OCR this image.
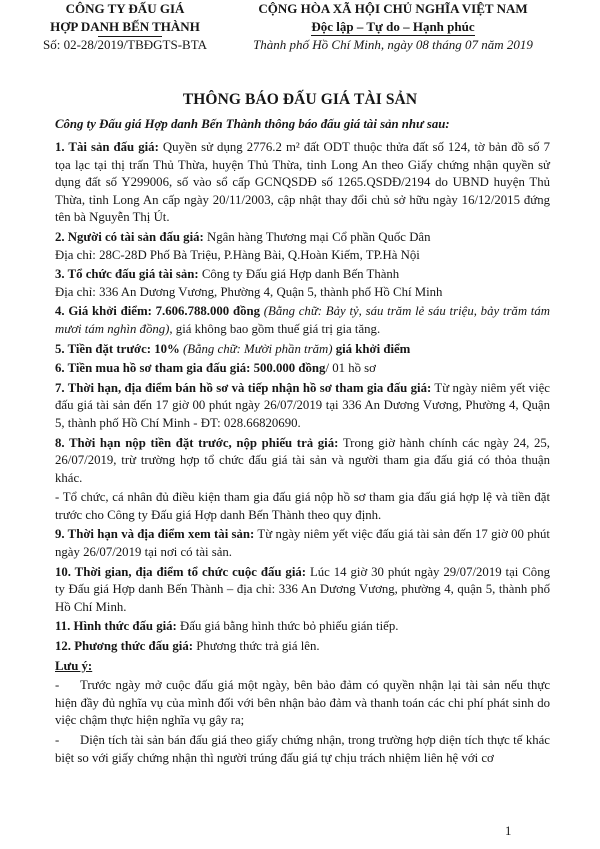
CÔNG TY ĐẤU GIÁ
HỢP DANH BẾN THÀNH
Số: 02-28/2019/TBĐGTS-BTA
CỘNG HÒA XÃ HỘI CHỦ NGHĨA VIỆT NAM
Độc lập – Tự do – Hạnh phúc
Thành phố Hồ Chí Minh, ngày 08 tháng 07 năm 2019
THÔNG BÁO ĐẤU GIÁ TÀI SẢN
Công ty Đấu giá Hợp danh Bến Thành thông báo đấu giá tài sản như sau:

1. Tài sản đấu giá: Quyền sử dụng 2776.2 m² đất ODT thuộc thửa đất số 124, tờ bản đồ số 7 tọa lạc tại thị trấn Thủ Thừa, huyện Thủ Thừa, tỉnh Long An theo Giấy chứng nhận quyền sử dụng đất số Y299006, số vào sổ cấp GCNQSDĐ số 1265.QSDĐ/2194 do UBND huyện Thủ Thừa, tỉnh Long An cấp ngày 20/11/2003, cập nhật thay đổi chủ sở hữu ngày 16/12/2015 đứng tên bà Nguyễn Thị Út.

2. Người có tài sản đấu giá: Ngân hàng Thương mại Cổ phần Quốc Dân
Địa chỉ: 28C-28D Phố Bà Triệu, P.Hàng Bài, Q.Hoàn Kiếm, TP.Hà Nội

3. Tổ chức đấu giá tài sản: Công ty Đấu giá Hợp danh Bến Thành
Địa chỉ: 336 An Dương Vương, Phường 4, Quận 5, thành phố Hồ Chí Minh

4. Giá khởi điểm: 7.606.788.000 đồng (Bằng chữ: Bảy tỷ, sáu trăm lẻ sáu triệu, bảy trăm tám mươi tám nghìn đồng), giá không bao gồm thuế giá trị gia tăng.

5. Tiền đặt trước: 10% (Bằng chữ: Mười phần trăm) giá khởi điểm

6. Tiền mua hồ sơ tham gia đấu giá: 500.000 đồng/ 01 hồ sơ

7. Thời hạn, địa điểm bán hồ sơ và tiếp nhận hồ sơ tham gia đấu giá: Từ ngày niêm yết việc đấu giá tài sản đến 17 giờ 00 phút ngày 26/07/2019 tại 336 An Dương Vương, Phường 4, Quận 5, thành phố Hồ Chí Minh - ĐT: 028.66820690.

8. Thời hạn nộp tiền đặt trước, nộp phiếu trả giá: Trong giờ hành chính các ngày 24, 25, 26/07/2019, trừ trường hợp tổ chức đấu giá tài sản và người tham gia đấu giá có thỏa thuận khác.

- Tổ chức, cá nhân đủ điều kiện tham gia đấu giá nộp hồ sơ tham gia đấu giá hợp lệ và tiền đặt trước cho Công ty Đấu giá Hợp danh Bến Thành theo quy định.

9. Thời hạn và địa điểm xem tài sản: Từ ngày niêm yết việc đấu giá tài sản đến 17 giờ 00 phút ngày 26/07/2019 tại nơi có tài sản.

10. Thời gian, địa điểm tổ chức cuộc đấu giá: Lúc 14 giờ 30 phút ngày 29/07/2019 tại Công ty Đấu giá Hợp danh Bến Thành – địa chỉ: 336 An Dương Vương, phường 4, quận 5, thành phố Hồ Chí Minh.

11. Hình thức đấu giá: Đấu giá bằng hình thức bỏ phiếu gián tiếp.

12. Phương thức đấu giá: Phương thức trả giá lên.

Lưu ý:

- Trước ngày mở cuộc đấu giá một ngày, bên bảo đảm có quyền nhận lại tài sản nếu thực hiện đầy đủ nghĩa vụ của mình đối với bên nhận bảo đảm và thanh toán các chi phí phát sinh do việc chậm thực hiện nghĩa vụ gây ra;

- Diện tích tài sản bán đấu giá theo giấy chứng nhận, trong trường hợp diện tích thực tế khác biệt so với giấy chứng nhận thì người trúng đấu giá tự chịu trách nhiệm liên hệ với cơ

1
